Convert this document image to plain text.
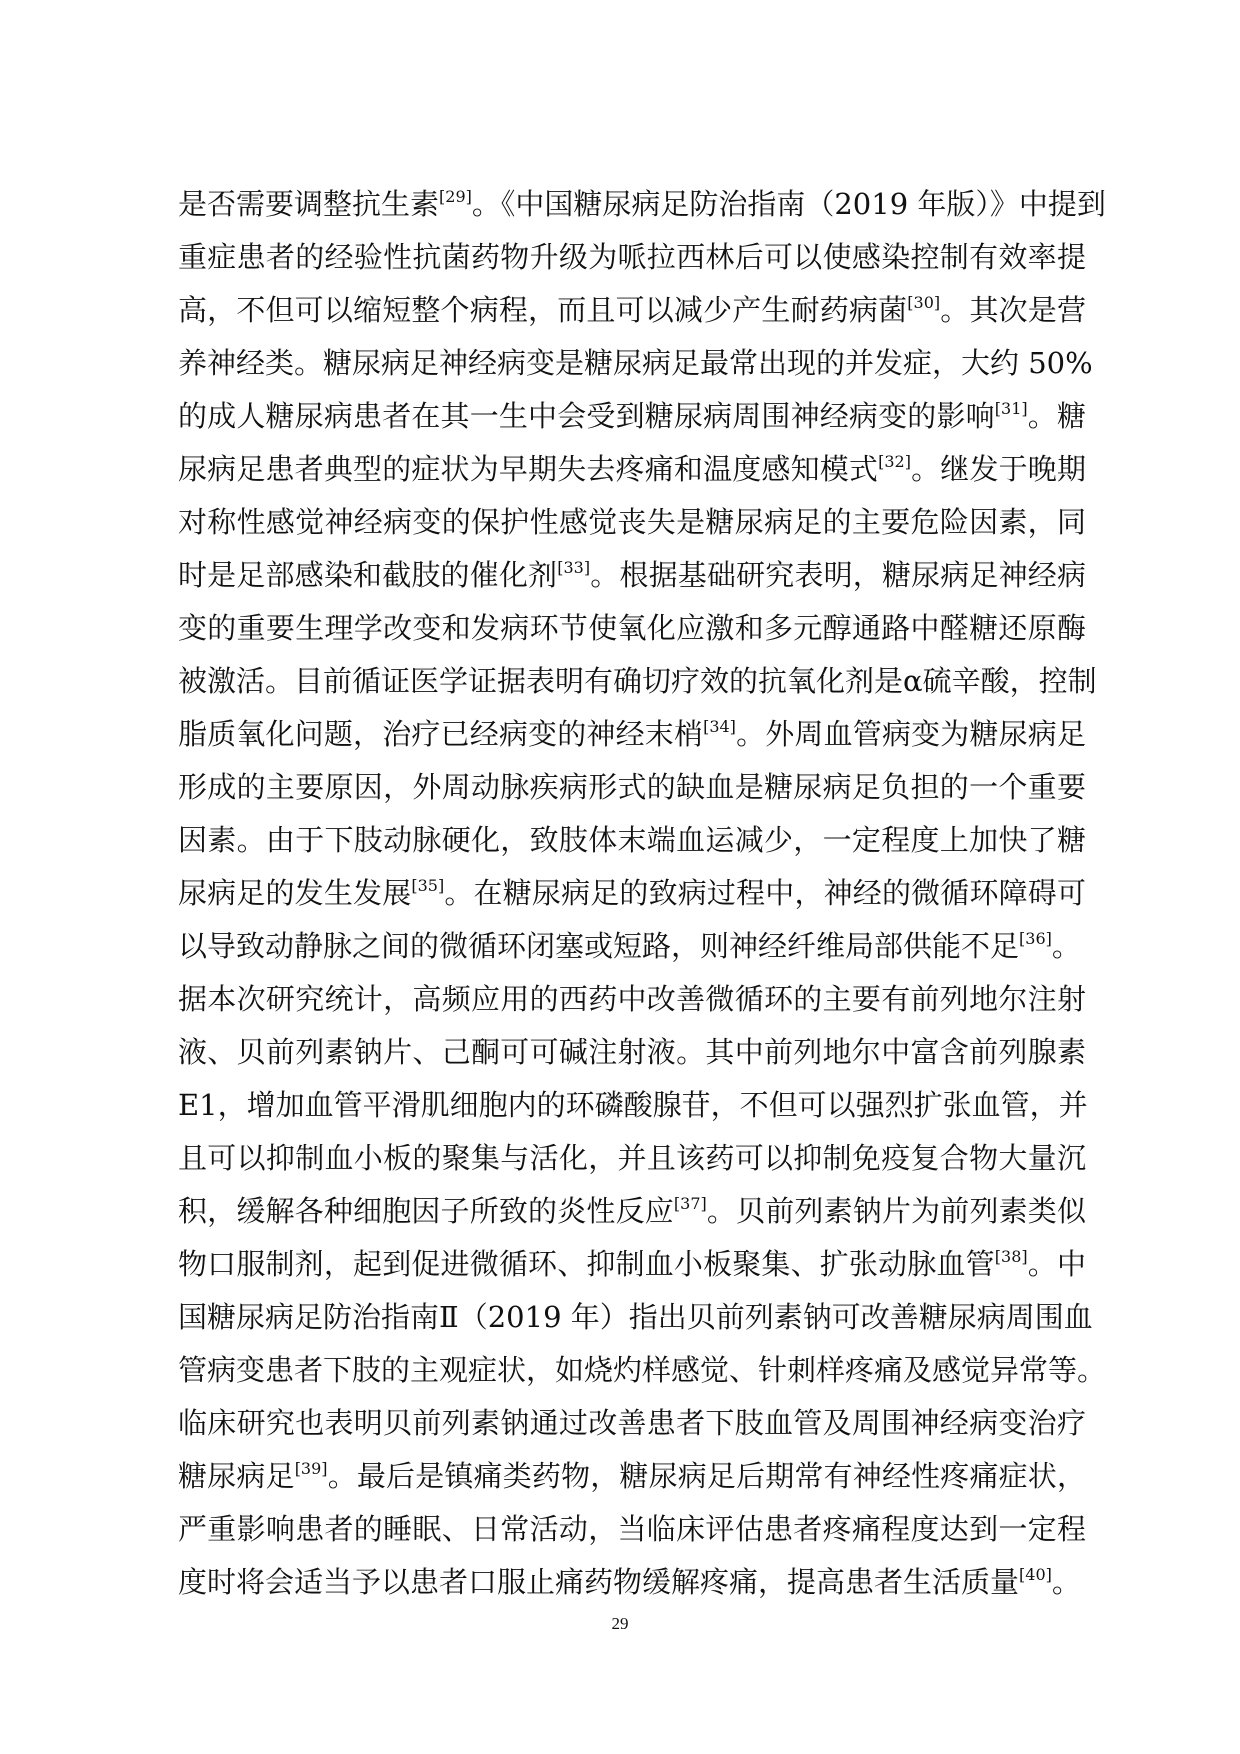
是否需要调整抗生素[29]。《中国糖尿病足防治指南（2019 年版）》中提到
重症患者的经验性抗菌药物升级为哌拉西林后可以使感染控制有效率提
高，不但可以缩短整个病程，而且可以减少产生耐药病菌[30]。其次是营
养神经类。糖尿病足神经病变是糖尿病足最常出现的并发症，大约 50%
的成人糖尿病患者在其一生中会受到糖尿病周围神经病变的影响[31]。糖
尿病足患者典型的症状为早期失去疼痛和温度感知模式[32]。继发于晚期
对称性感觉神经病变的保护性感觉丧失是糖尿病足的主要危险因素，同
时是足部感染和截肢的催化剂[33]。根据基础研究表明，糖尿病足神经病
变的重要生理学改变和发病环节使氧化应激和多元醇通路中醛糖还原酶
被激活。目前循证医学证据表明有确切疗效的抗氧化剂是α硫辛酸，控制
脂质氧化问题，治疗已经病变的神经末梢[34]。外周血管病变为糖尿病足
形成的主要原因，外周动脉疾病形式的缺血是糖尿病足负担的一个重要
因素。由于下肢动脉硬化，致肢体末端血运减少，一定程度上加快了糖
尿病足的发生发展[35]。在糖尿病足的致病过程中，神经的微循环障碍可
以导致动静脉之间的微循环闭塞或短路，则神经纤维局部供能不足[36]。
据本次研究统计，高频应用的西药中改善微循环的主要有前列地尔注射
液、贝前列素钠片、己酮可可碱注射液。其中前列地尔中富含前列腺素
E1，增加血管平滑肌细胞内的环磷酸腺苷，不但可以强烈扩张血管，并
且可以抑制血小板的聚集与活化，并且该药可以抑制免疫复合物大量沉
积，缓解各种细胞因子所致的炎性反应[37]。贝前列素钠片为前列素类似
物口服制剂，起到促进微循环、抑制血小板聚集、扩张动脉血管[38]。中
国糖尿病足防治指南Ⅱ（2019 年）指出贝前列素钠可改善糖尿病周围血
管病变患者下肢的主观症状，如烧灼样感觉、针刺样疼痛及感觉异常等。
临床研究也表明贝前列素钠通过改善患者下肢血管及周围神经病变治疗
糖尿病足[39]。最后是镇痛类药物，糖尿病足后期常有神经性疼痛症状，
严重影响患者的睡眠、日常活动，当临床评估患者疼痛程度达到一定程
度时将会适当予以患者口服止痛药物缓解疼痛，提高患者生活质量[40]。
29
